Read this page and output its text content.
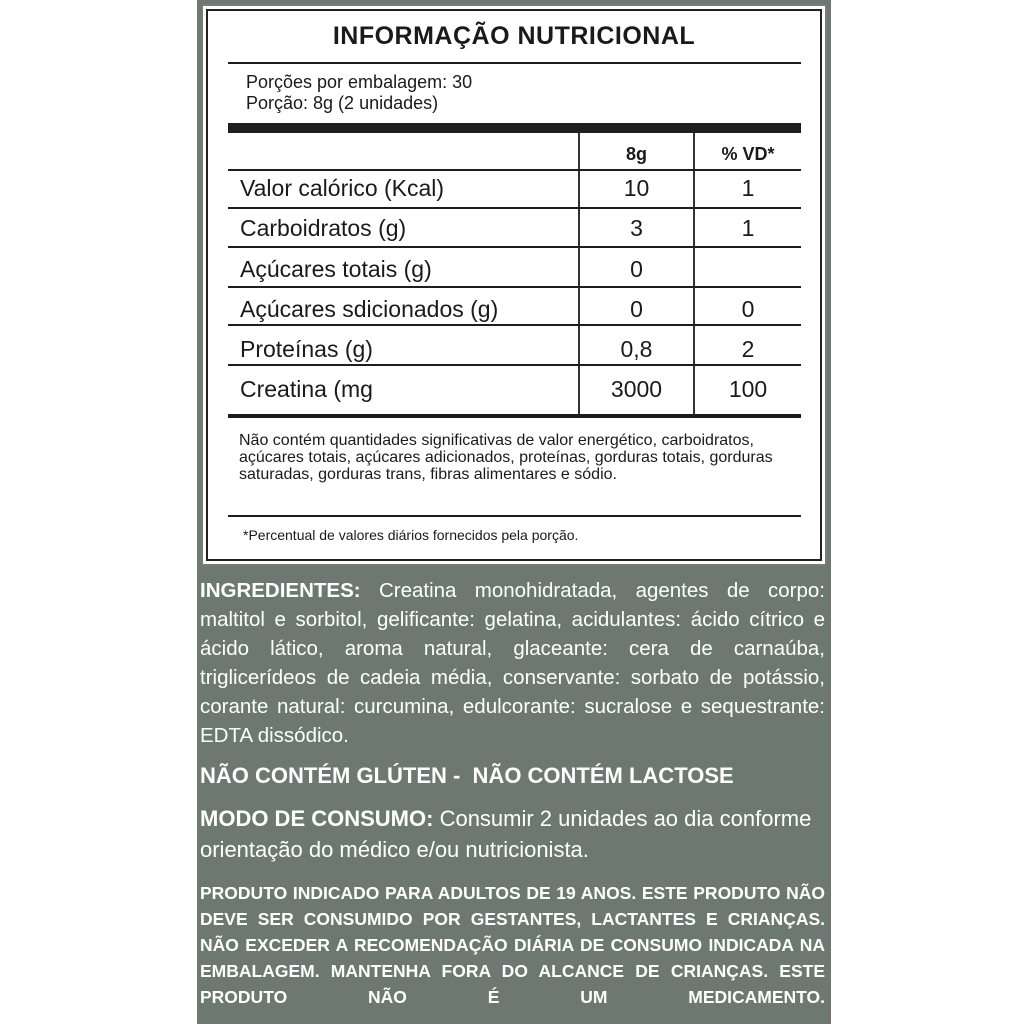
INFORMAÇÃO NUTRICIONAL
Porções por embalagem: 30
Porção: 8g (2 unidades)
8g	% VD*
Valor calórico (Kcal)	10	1
Carboidratos (g)	3	1
Açúcares totais (g)	0
Açúcares sdicionados (g)	0	0
Proteínas (g)	0,8	2
Creatina (mg	3000	100
Não contém quantidades significativas de valor energético, carboidratos, açúcares totais, açúcares adicionados, proteínas, gorduras totais, gorduras saturadas, gorduras trans, fibras alimentares e sódio.
*Percentual de valores diários fornecidos pela porção.
INGREDIENTES: Creatina monohidratada, agentes de corpo: maltitol e sorbitol, gelificante: gelatina, acidulantes: ácido cítrico e ácido lático, aroma natural, glaceante: cera de carnaúba, triglicerídeos de cadeia média, conservante: sorbato de potássio, corante natural: curcumina, edulcorante: sucralose e sequestrante: EDTA dissódico.
NÃO CONTÉM GLÚTEN -  NÃO CONTÉM LACTOSE
MODO DE CONSUMO: Consumir 2 unidades ao dia conforme orientação do médico e/ou nutricionista.
PRODUTO INDICADO PARA ADULTOS DE 19 ANOS. ESTE PRODUTO NÃO DEVE SER CONSUMIDO POR GESTANTES, LACTANTES E CRIANÇAS. NÃO EXCEDER A RECOMENDAÇÃO DIÁRIA DE CONSUMO INDICADA NA EMBALAGEM. MANTENHA FORA DO ALCANCE DE CRIANÇAS. ESTE PRODUTO NÃO É UM MEDICAMENTO.
